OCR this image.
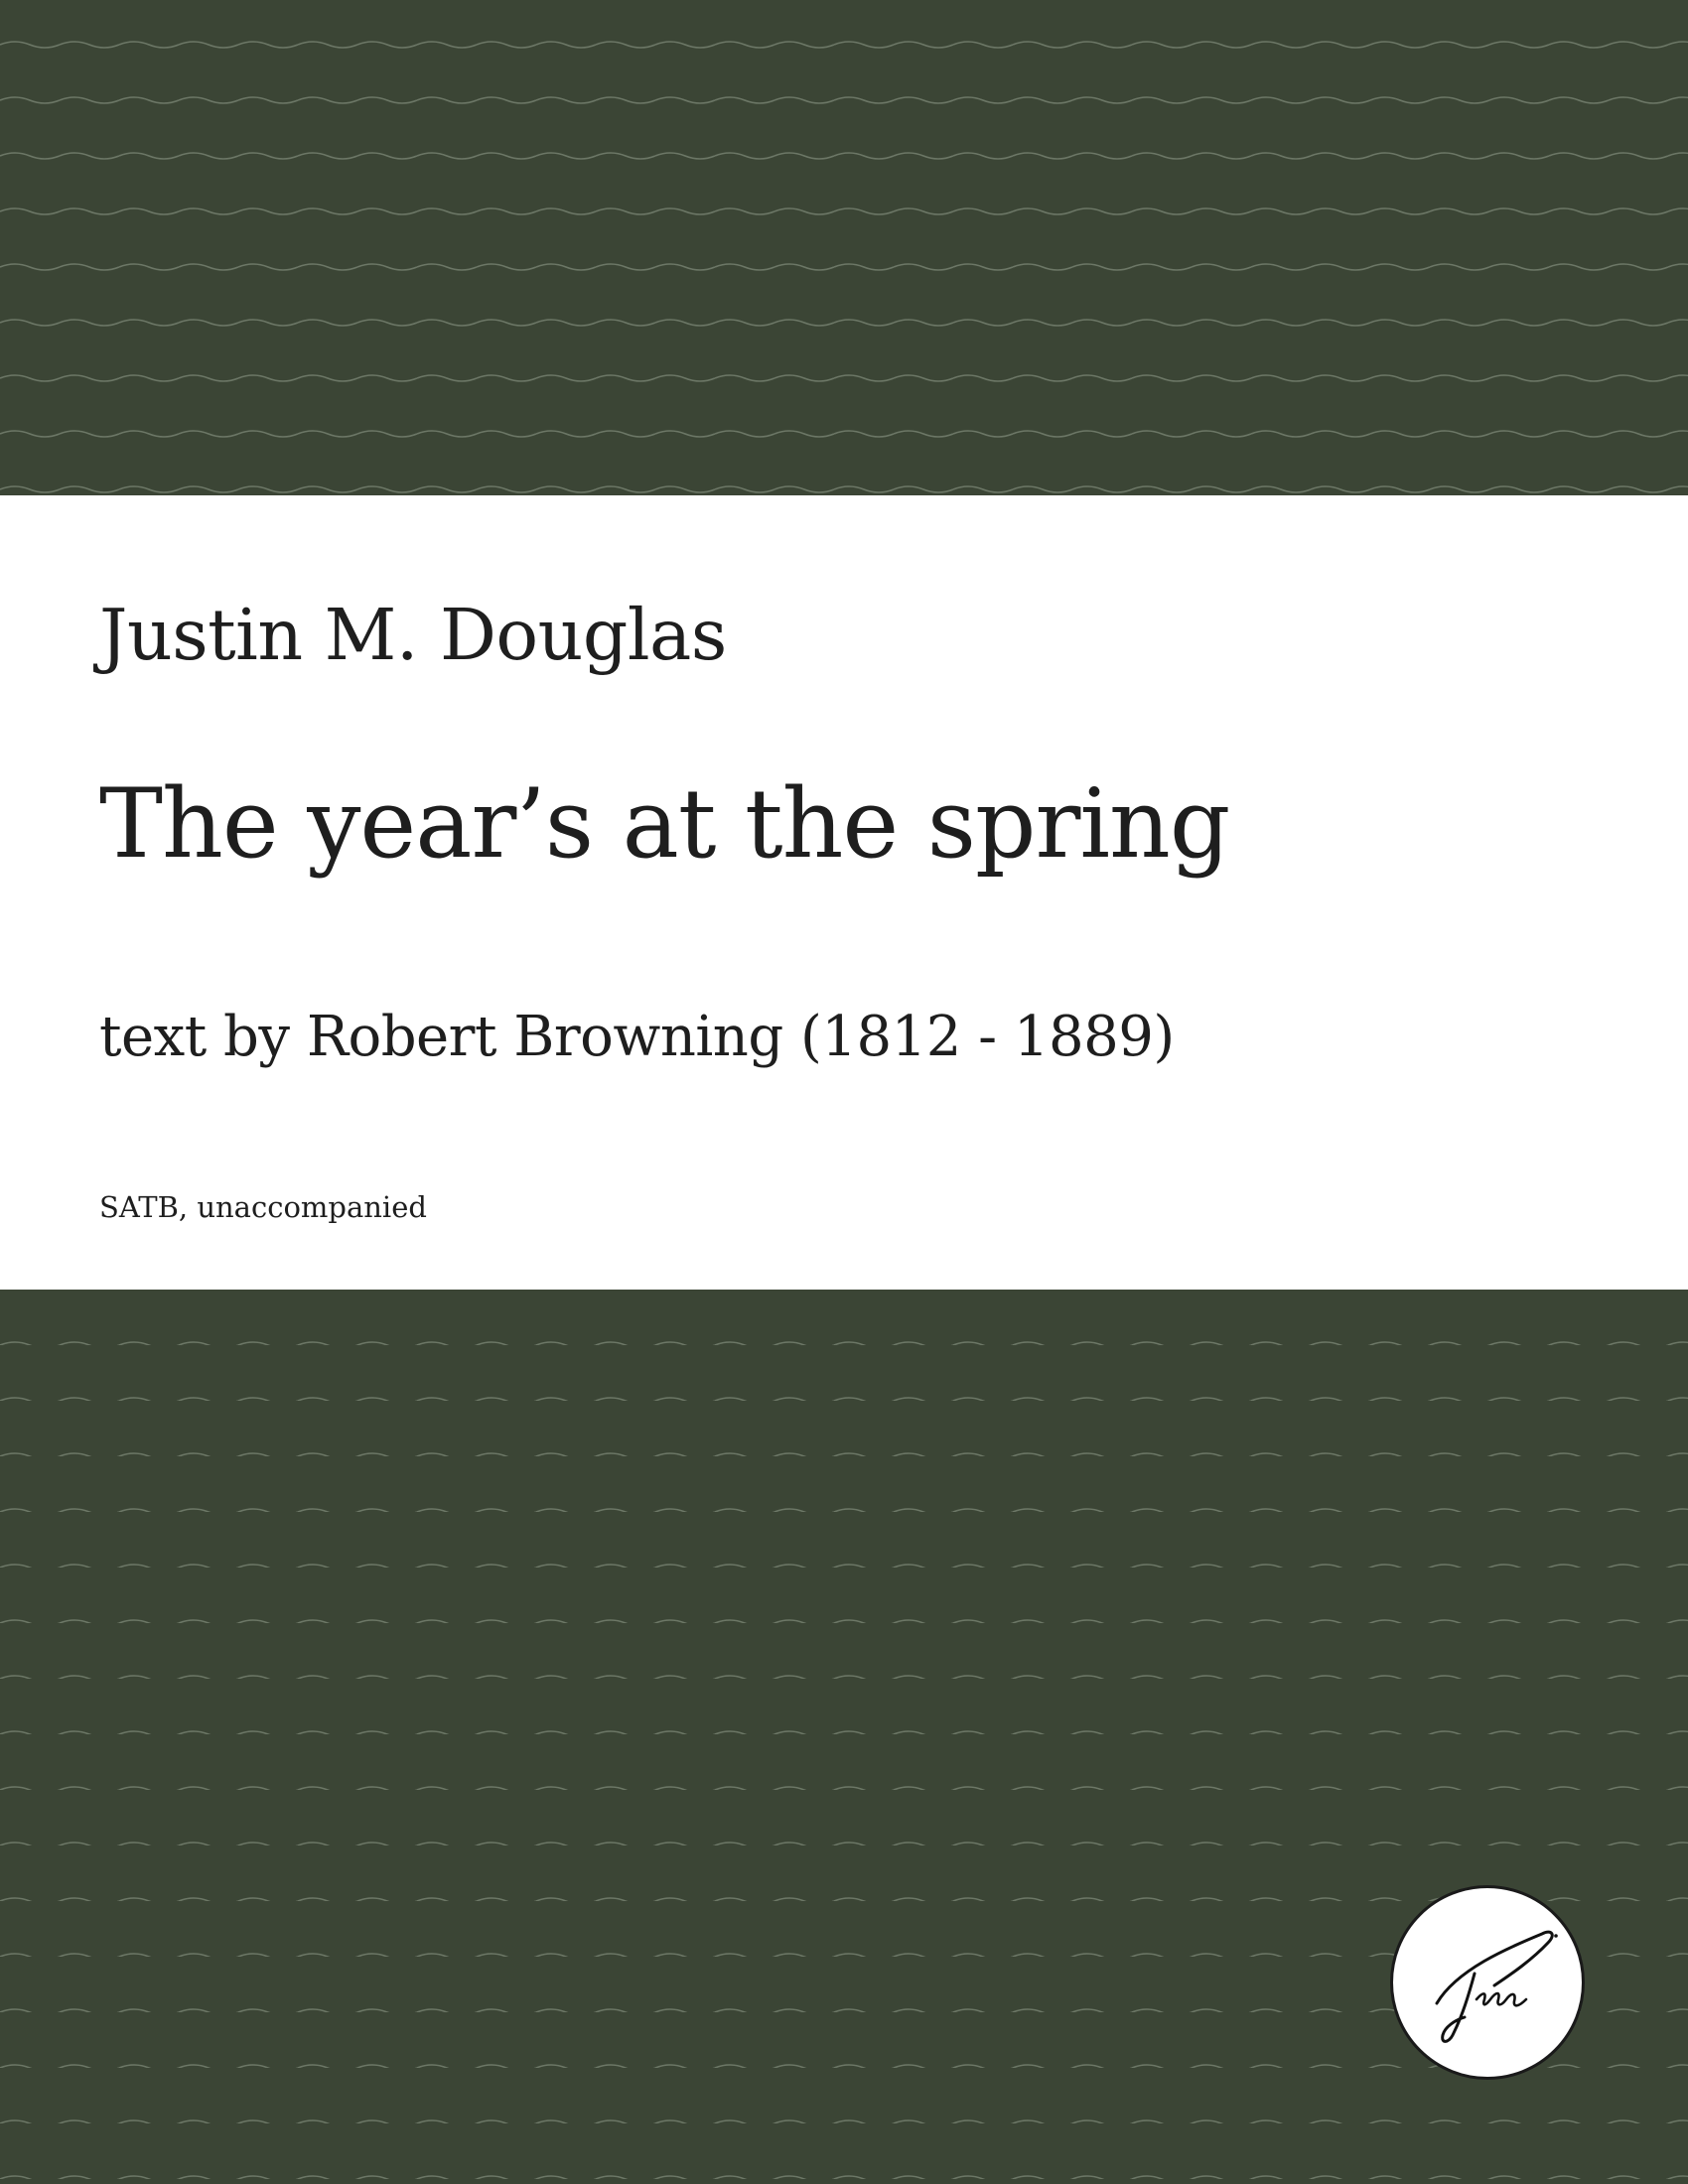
Justin M. Douglas
The year’s at the spring
text by Robert Browning (1812 - 1889)
SATB, unaccompanied
